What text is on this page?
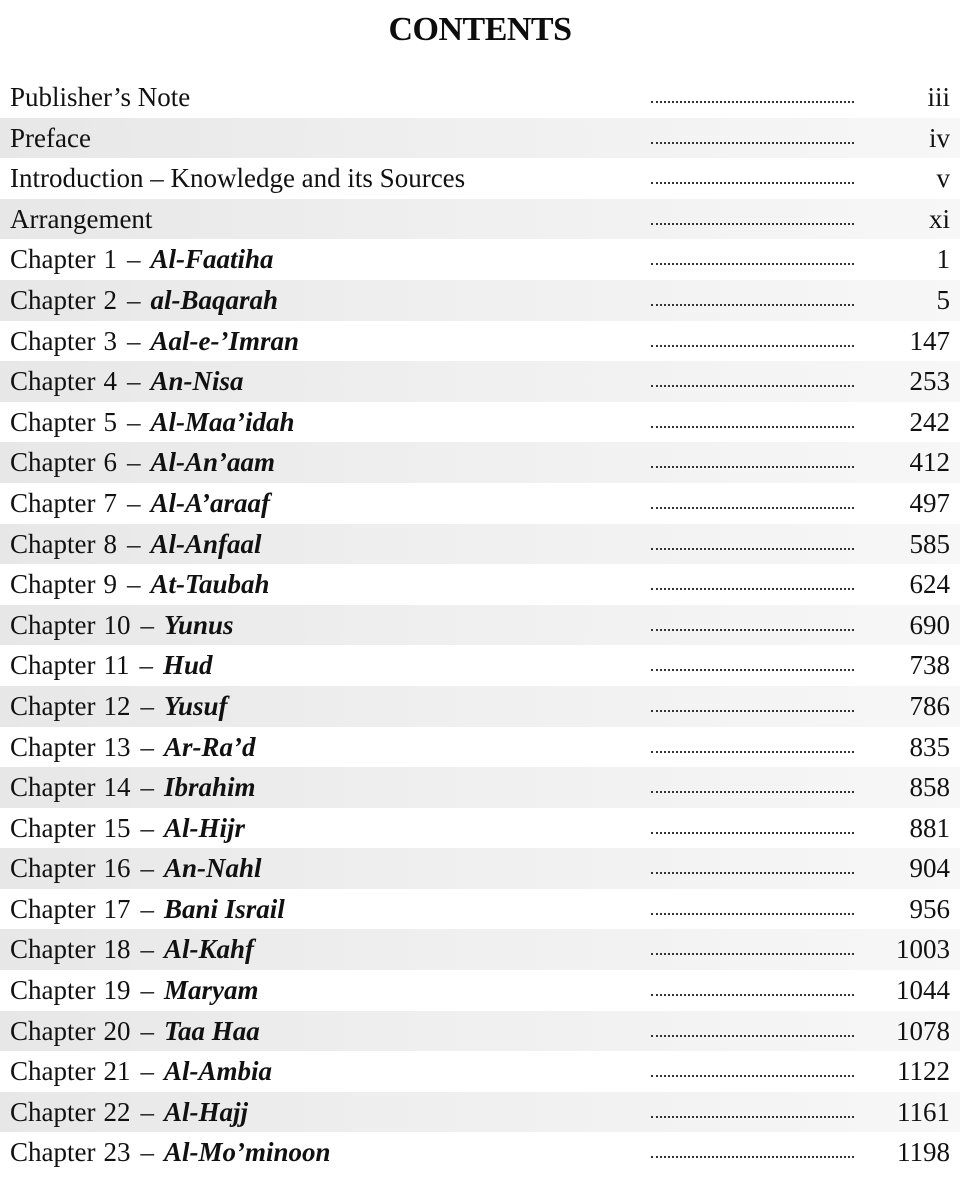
CONTENTS
Publisher’s Note	iii
Preface	iv
Introduction – Knowledge and its Sources	v
Arrangement	xi
Chapter 1 – Al-Faatiha	1
Chapter 2 – al-Baqarah	5
Chapter 3 – Aal-e-’Imran	147
Chapter 4 – An-Nisa	253
Chapter 5 – Al-Maa’idah	242
Chapter 6 – Al-An’aam	412
Chapter 7 – Al-A’araaf	497
Chapter 8 – Al-Anfaal	585
Chapter 9 – At-Taubah	624
Chapter 10 – Yunus	690
Chapter 11 – Hud	738
Chapter 12 – Yusuf	786
Chapter 13 – Ar-Ra’d	835
Chapter 14 – Ibrahim	858
Chapter 15 – Al-Hijr	881
Chapter 16 – An-Nahl	904
Chapter 17 – Bani Israil	956
Chapter 18 – Al-Kahf	1003
Chapter 19 – Maryam	1044
Chapter 20 – Taa Haa	1078
Chapter 21 – Al-Ambia	1122
Chapter 22 – Al-Hajj	1161
Chapter 23 – Al-Mo’minoon	1198
